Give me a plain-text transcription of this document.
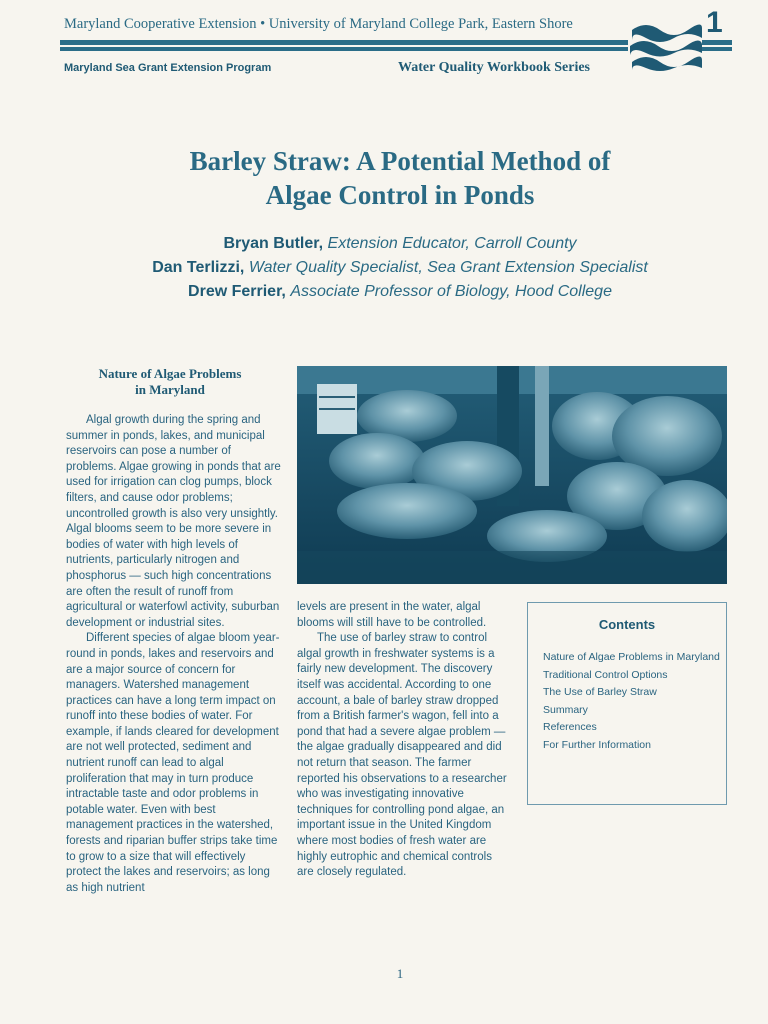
Maryland Cooperative Extension • University of Maryland College Park, Eastern Shore
Maryland Sea Grant Extension Program	Water Quality Workbook Series
1
Barley Straw: A Potential Method of
Algae Control in Ponds
Bryan Butler, Extension Educator, Carroll County
Dan Terlizzi, Water Quality Specialist, Sea Grant Extension Specialist
Drew Ferrier, Associate Professor of Biology, Hood College
Nature of Algae Problems
in Maryland

Algal growth during the spring and summer in ponds, lakes, and municipal reservoirs can pose a number of problems. Algae growing in ponds that are used for irrigation can clog pumps, block filters, and cause odor problems; uncontrolled growth is also very unsightly. Algal blooms seem to be more severe in bodies of water with high levels of nutrients, particularly nitrogen and phosphorus — such high concentrations are often the result of runoff from agricultural or waterfowl activity, suburban development or industrial sites.

Different species of algae bloom year-round in ponds, lakes and reservoirs and are a major source of concern for managers. Watershed management practices can have a long term impact on runoff into these bodies of water. For example, if lands cleared for development are not well protected, sediment and nutrient runoff can lead to algal proliferation that may in turn produce intractable taste and odor problems in potable water. Even with best management practices in the watershed, forests and riparian buffer strips take time to grow to a size that will effectively protect the lakes and reservoirs; as long as high nutrient

levels are present in the water, algal blooms will still have to be controlled.

The use of barley straw to control algal growth in freshwater systems is a fairly new development. The discovery itself was accidental. According to one account, a bale of barley straw dropped from a British farmer's wagon, fell into a pond that had a severe algae problem — the algae gradually disappeared and did not return that season. The farmer reported his observations to a researcher who was investigating innovative techniques for controlling pond algae, an important issue in the United Kingdom where most bodies of fresh water are highly eutrophic and chemical controls are closely regulated.

Contents
Nature of Algae Problems in Maryland
Traditional Control Options
The Use of Barley Straw
Summary
References
For Further Information
1
